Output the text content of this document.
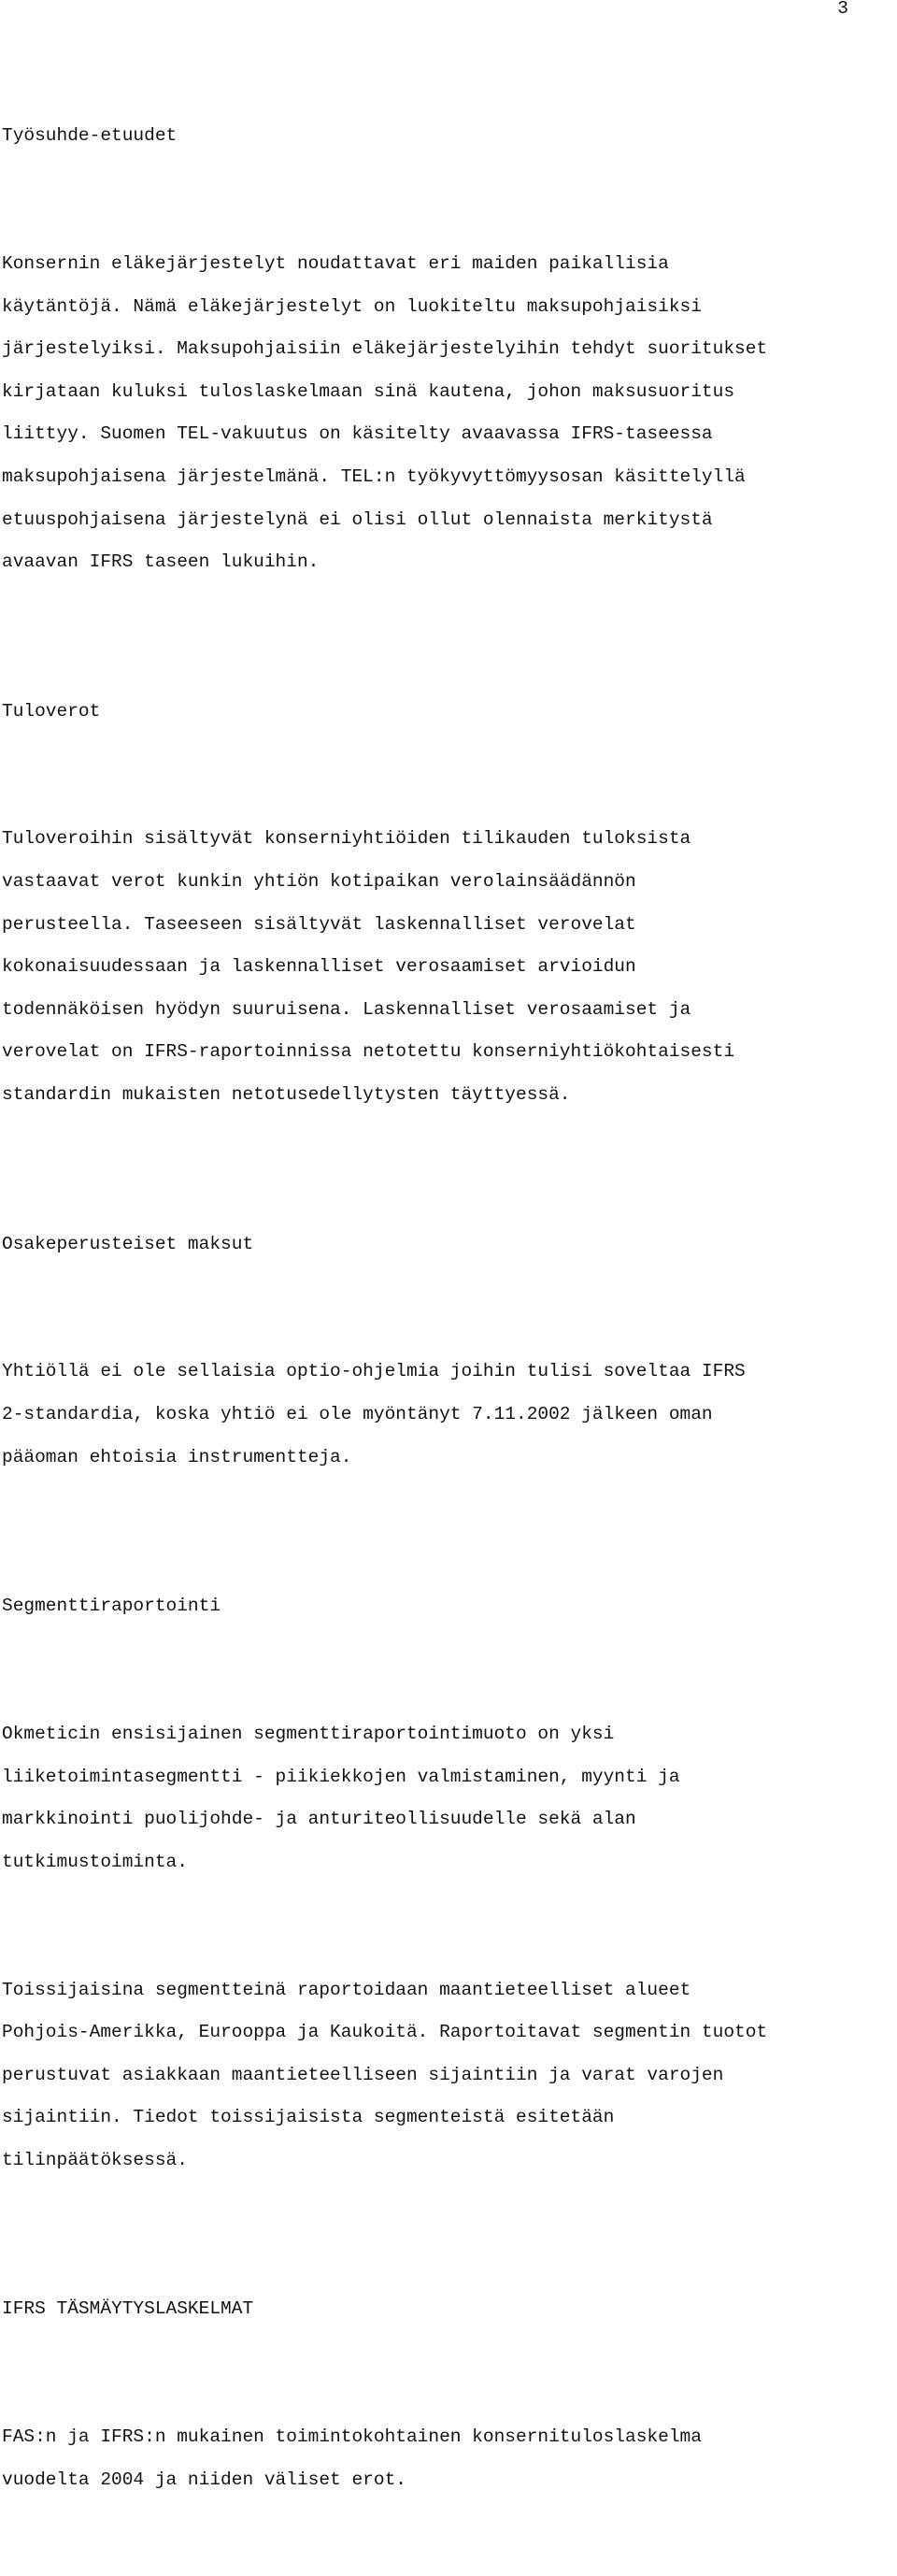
3

Työsuhde-etuudet

Konsernin eläkejärjestelyt noudattavat eri maiden paikallisia

käytäntöjä. Nämä eläkejärjestelyt on luokiteltu maksupohjaisiksi

järjestelyiksi. Maksupohjaisiin eläkejärjestelyihin tehdyt suoritukset

kirjataan kuluksi tuloslaskelmaan sinä kautena, johon maksusuoritus

liittyy. Suomen TEL-vakuutus on käsitelty avaavassa IFRS-taseessa

maksupohjaisena järjestelmänä. TEL:n työkyvyttömyysosan käsittelyllä

etuuspohjaisena järjestelynä ei olisi ollut olennaista merkitystä

avaavan IFRS taseen lukuihin.

Tuloverot

Tuloveroihin sisältyvät konserniyhtiöiden tilikauden tuloksista

vastaavat verot kunkin yhtiön kotipaikan verolainsäädännön

perusteella. Taseeseen sisältyvät laskennalliset verovelat

kokonaisuudessaan ja laskennalliset verosaamiset arvioidun

todennäköisen hyödyn suuruisena. Laskennalliset verosaamiset ja

verovelat on IFRS-raportoinnissa netotettu konserniyhtiökohtaisesti

standardin mukaisten netotusedellytysten täyttyessä.

Osakeperusteiset maksut

Yhtiöllä ei ole sellaisia optio-ohjelmia joihin tulisi soveltaa IFRS

2-standardia, koska yhtiö ei ole myöntänyt 7.11.2002 jälkeen oman

pääoman ehtoisia instrumentteja.

Segmenttiraportointi

Okmeticin ensisijainen segmenttiraportointimuoto on yksi

liiketoimintasegmentti - piikiekkojen valmistaminen, myynti ja

markkinointi puolijohde- ja anturiteollisuudelle sekä alan

tutkimustoiminta.

Toissijaisina segmentteinä raportoidaan maantieteelliset alueet

Pohjois-Amerikka, Eurooppa ja Kaukoitä. Raportoitavat segmentin tuotot

perustuvat asiakkaan maantieteelliseen sijaintiin ja varat varojen

sijaintiin. Tiedot toissijaisista segmenteistä esitetään

tilinpäätöksessä.

IFRS TÄSMÄYTYSLASKELMAT

FAS:n ja IFRS:n mukainen toimintokohtainen konsernituloslaskelma

vuodelta 2004 ja niiden väliset erot.
